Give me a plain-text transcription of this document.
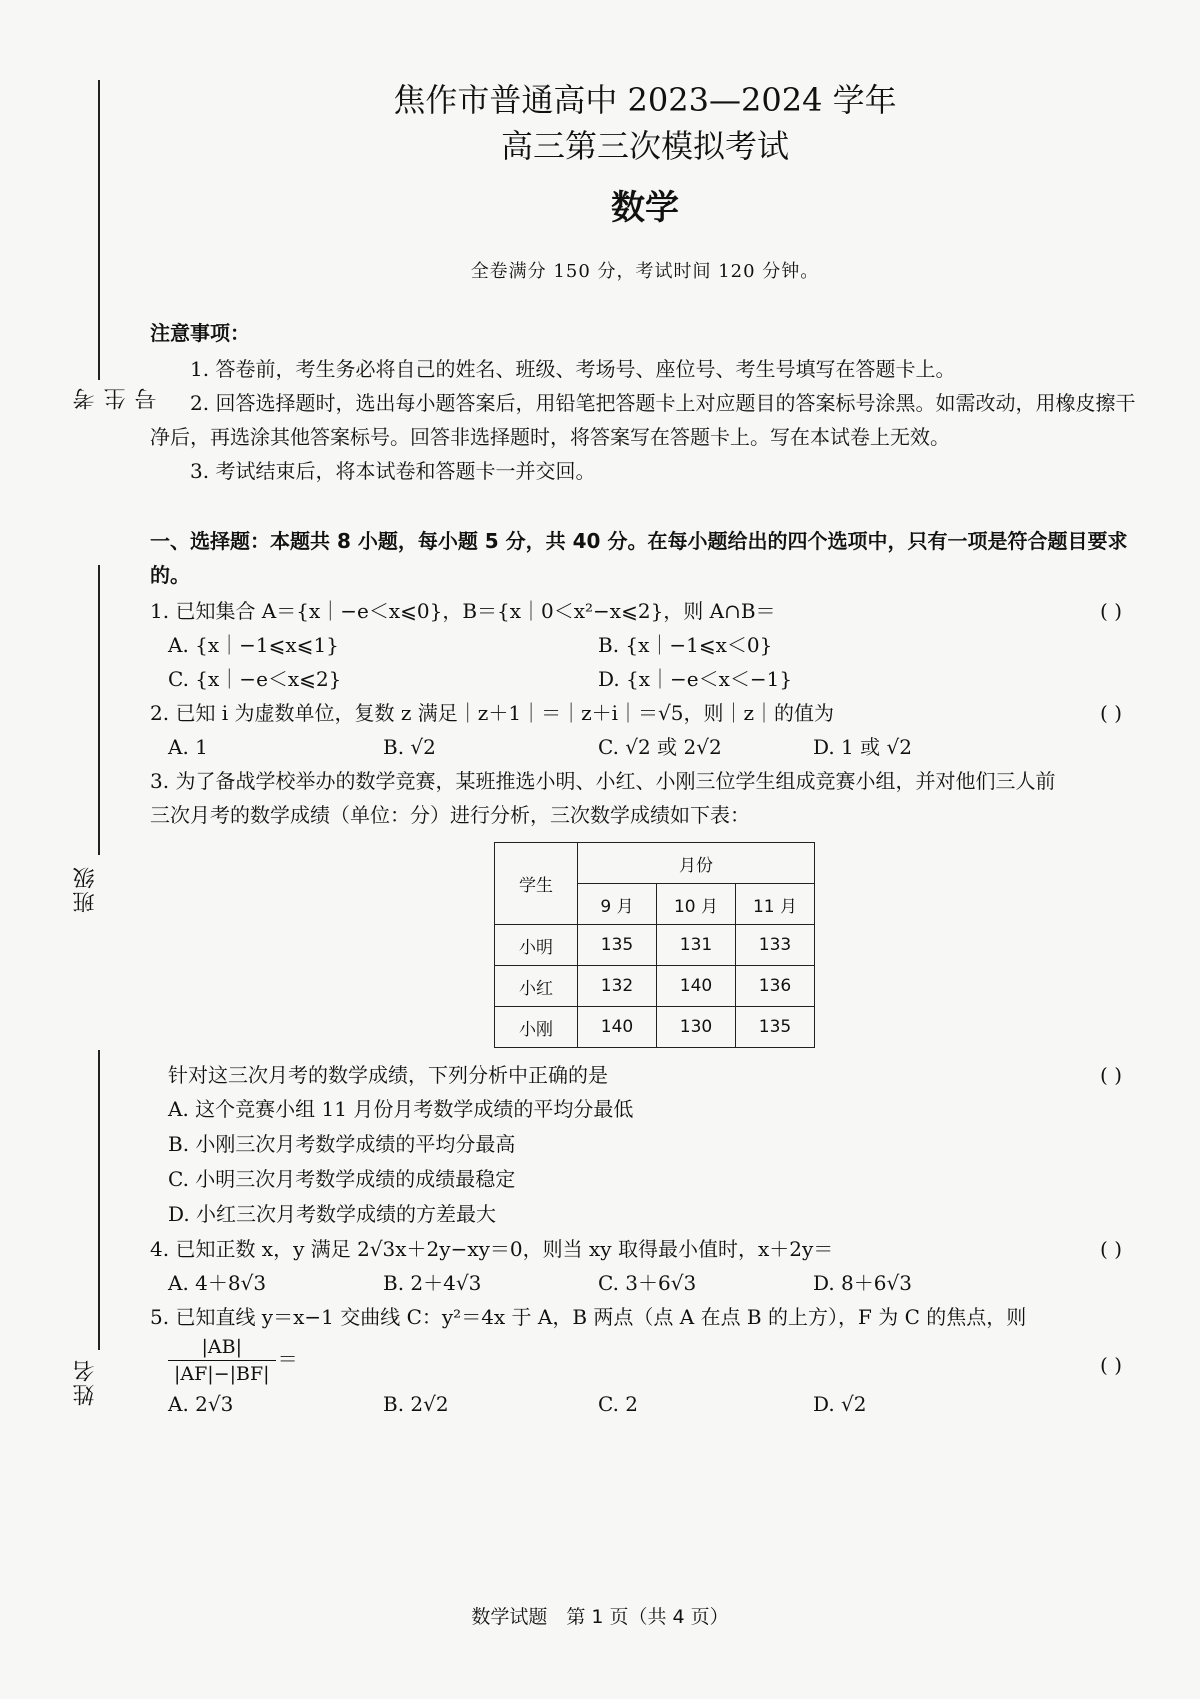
考生号
班级
姓名
焦作市普通高中 2023—2024 学年
高三第三次模拟考试
数学
全卷满分 150 分，考试时间 120 分钟。
注意事项：

1. 答卷前，考生务必将自己的姓名、班级、考场号、座位号、考生号填写在答题卡上。

2. 回答选择题时，选出每小题答案后，用铅笔把答题卡上对应题目的答案标号涂黑。如需改动，用橡皮擦干净后，再选涂其他答案标号。回答非选择题时，将答案写在答题卡上。写在本试卷上无效。

3. 考试结束后，将本试卷和答题卡一并交回。

一、选择题：本题共 8 小题，每小题 5 分，共 40 分。在每小题给出的四个选项中，只有一项是符合题目要求的。
1. 已知集合 A＝{x｜−e＜x⩽0}，B＝{x｜0＜x²−x⩽2}，则 A∩B＝	( )
A. {x｜−1⩽x⩽1}	B. {x｜−1⩽x＜0}
C. {x｜−e＜x⩽2}	D. {x｜−e＜x＜−1}
2. 已知 i 为虚数单位，复数 z 满足｜z＋1｜＝｜z＋i｜＝√5，则｜z｜的值为	( )
A. 1	B. √2	C. √2 或 2√2	D. 1 或 √2
3. 为了备战学校举办的数学竞赛，某班推选小明、小红、小刚三位学生组成竞赛小组，并对他们三人前三次月考的数学成绩（单位：分）进行分析，三次数学成绩如下表：
学生	月份		
	9 月	10 月	11 月
小明	135	131	133
小红	132	140	136
小刚	140	130	135
针对这三次月考的数学成绩，下列分析中正确的是	( )
A. 这个竞赛小组 11 月份月考数学成绩的平均分最低
B. 小刚三次月考数学成绩的平均分最高
C. 小明三次月考数学成绩的成绩最稳定
D. 小红三次月考数学成绩的方差最大
4. 已知正数 x，y 满足 2√3x＋2y−xy＝0，则当 xy 取得最小值时，x＋2y＝	( )
A. 4＋8√3	B. 2＋4√3	C. 3＋6√3	D. 8＋6√3
5. 已知直线 y＝x−1 交曲线 C：y²＝4x 于 A，B 两点（点 A 在点 B 的上方），F 为 C 的焦点，则
$\frac{|AB|}{|AF|-|BF|}$ ＝	( )
A. 2√3	B. 2√2	C. 2	D. √2
数学试题　第 1 页（共 4 页）
